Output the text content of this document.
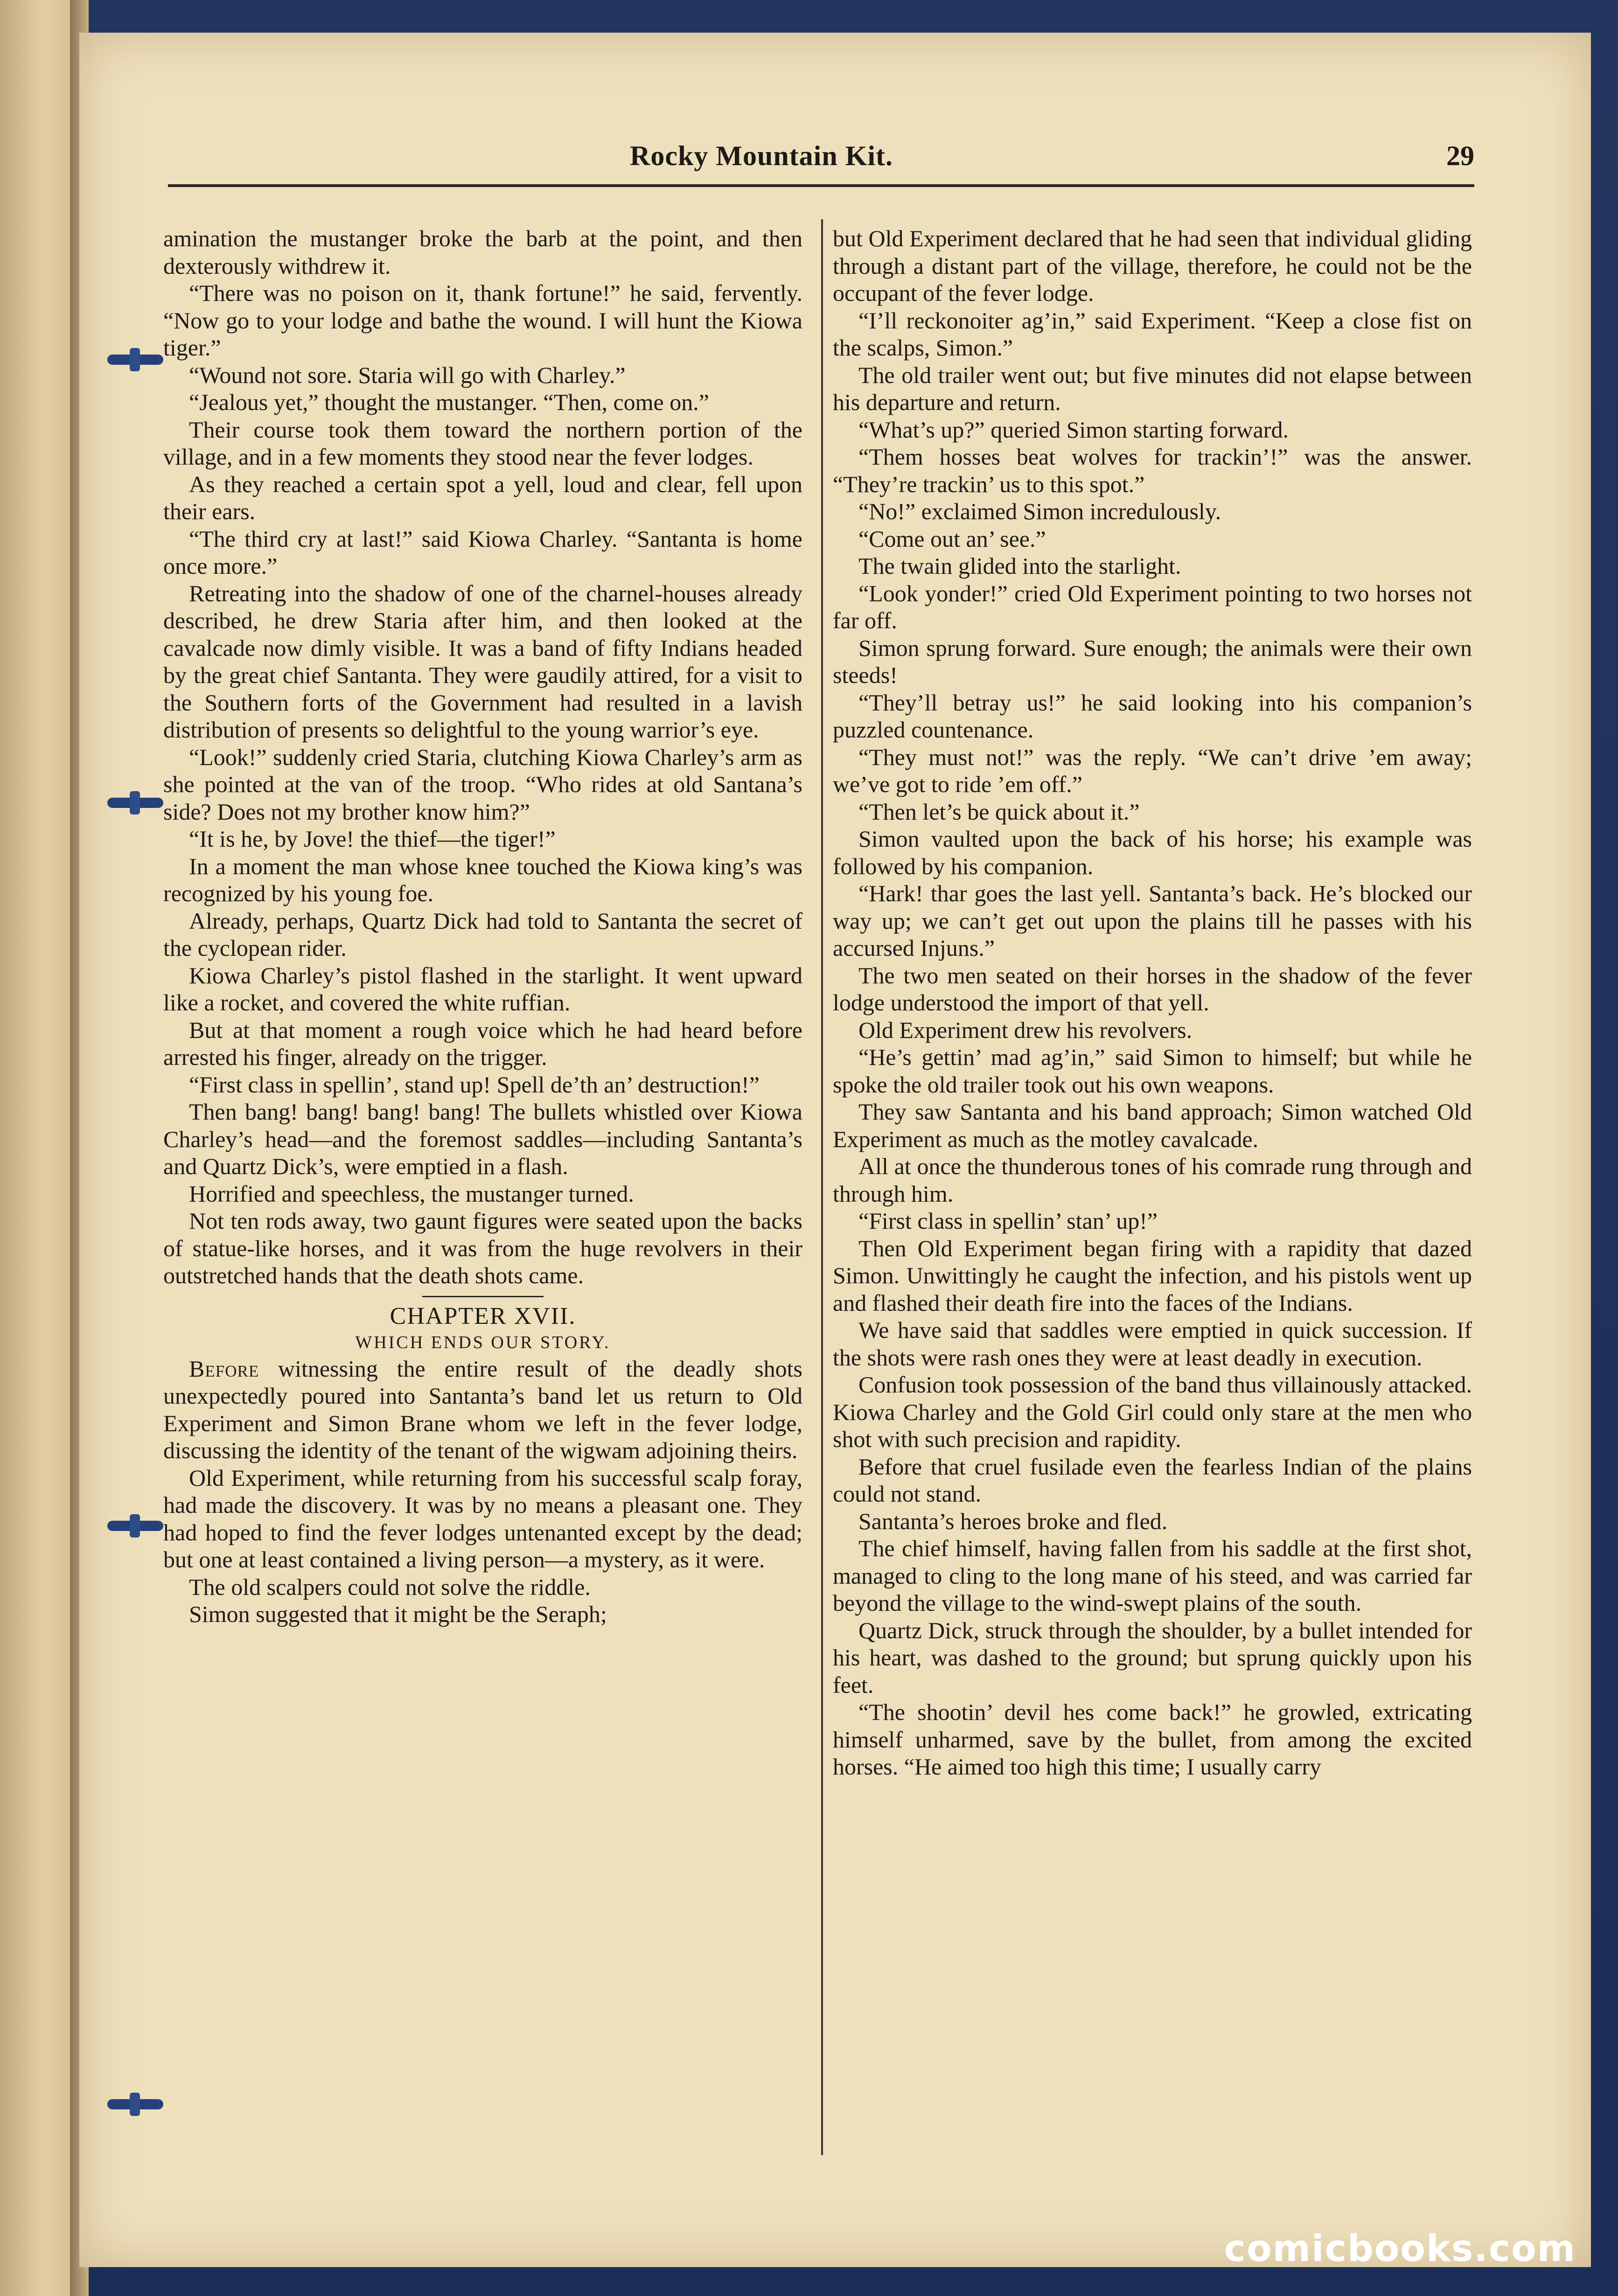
Rocky Mountain Kit.	29

amination the mustanger broke the barb at the point, and then dexterously withdrew it.

“There was no poison on it, thank fortune!” he said, fervently. “Now go to your lodge and bathe the wound. I will hunt the Kiowa tiger.”

“Wound not sore. Staria will go with Charley.”

“Jealous yet,” thought the mustanger. “Then, come on.”

Their course took them toward the northern portion of the village, and in a few moments they stood near the fever lodges.

As they reached a certain spot a yell, loud and clear, fell upon their ears.

“The third cry at last!” said Kiowa Charley. “Santanta is home once more.”

Retreating into the shadow of one of the charnel-houses already described, he drew Staria after him, and then looked at the cavalcade now dimly visible. It was a band of fifty Indians headed by the great chief Santanta. They were gaudily attired, for a visit to the Southern forts of the Government had resulted in a lavish distribution of presents so delightful to the young warrior’s eye.

“Look!” suddenly cried Staria, clutching Kiowa Charley’s arm as she pointed at the van of the troop. “Who rides at old Santana’s side? Does not my brother know him?”

“It is he, by Jove! the thief—the tiger!”

In a moment the man whose knee touched the Kiowa king’s was recognized by his young foe.

Already, perhaps, Quartz Dick had told to Santanta the secret of the cyclopean rider.

Kiowa Charley’s pistol flashed in the starlight. It went upward like a rocket, and covered the white ruffian.

But at that moment a rough voice which he had heard before arrested his finger, already on the trigger.

“First class in spellin’, stand up! Spell de’th an’ destruction!”

Then bang! bang! bang! bang! The bullets whistled over Kiowa Charley’s head—and the foremost saddles—including Santanta’s and Quartz Dick’s, were emptied in a flash.

Horrified and speechless, the mustanger turned.

Not ten rods away, two gaunt figures were seated upon the backs of statue-like horses, and it was from the huge revolvers in their outstretched hands that the death shots came.

CHAPTER XVII.
WHICH ENDS OUR STORY.

Before witnessing the entire result of the deadly shots unexpectedly poured into Santanta’s band let us return to Old Experiment and Simon Brane whom we left in the fever lodge, discussing the identity of the tenant of the wigwam adjoining theirs.

Old Experiment, while returning from his successful scalp foray, had made the discovery. It was by no means a pleasant one. They had hoped to find the fever lodges untenanted except by the dead; but one at least contained a living person—a mystery, as it were.

The old scalpers could not solve the riddle.

Simon suggested that it might be the Seraph;

but Old Experiment declared that he had seen that individual gliding through a distant part of the village, therefore, he could not be the occupant of the fever lodge.

“I’ll reckonoiter ag’in,” said Experiment. “Keep a close fist on the scalps, Simon.”

The old trailer went out; but five minutes did not elapse between his departure and return.

“What’s up?” queried Simon starting forward.

“Them hosses beat wolves for trackin’!” was the answer. “They’re trackin’ us to this spot.”

“No!” exclaimed Simon incredulously.

“Come out an’ see.”

The twain glided into the starlight.

“Look yonder!” cried Old Experiment pointing to two horses not far off.

Simon sprung forward. Sure enough; the animals were their own steeds!

“They’ll betray us!” he said looking into his companion’s puzzled countenance.

“They must not!” was the reply. “We can’t drive ’em away; we’ve got to ride ’em off.”

“Then let’s be quick about it.”

Simon vaulted upon the back of his horse; his example was followed by his companion.

“Hark! thar goes the last yell. Santanta’s back. He’s blocked our way up; we can’t get out upon the plains till he passes with his accursed Injuns.”

The two men seated on their horses in the shadow of the fever lodge understood the import of that yell.

Old Experiment drew his revolvers.

“He’s gettin’ mad ag’in,” said Simon to himself; but while he spoke the old trailer took out his own weapons.

They saw Santanta and his band approach; Simon watched Old Experiment as much as the motley cavalcade.

All at once the thunderous tones of his comrade rung through and through him.

“First class in spellin’ stan’ up!”

Then Old Experiment began firing with a rapidity that dazed Simon. Unwittingly he caught the infection, and his pistols went up and flashed their death fire into the faces of the Indians.

We have said that saddles were emptied in quick succession. If the shots were rash ones they were at least deadly in execution.

Confusion took possession of the band thus villainously attacked. Kiowa Charley and the Gold Girl could only stare at the men who shot with such precision and rapidity.

Before that cruel fusilade even the fearless Indian of the plains could not stand.

Santanta’s heroes broke and fled.

The chief himself, having fallen from his saddle at the first shot, managed to cling to the long mane of his steed, and was carried far beyond the village to the wind-swept plains of the south.

Quartz Dick, struck through the shoulder, by a bullet intended for his heart, was dashed to the ground; but sprung quickly upon his feet.

“The shootin’ devil hes come back!” he growled, extricating himself unharmed, save by the bullet, from among the excited horses. “He aimed too high this time; I usually carry

comicbooks.com
